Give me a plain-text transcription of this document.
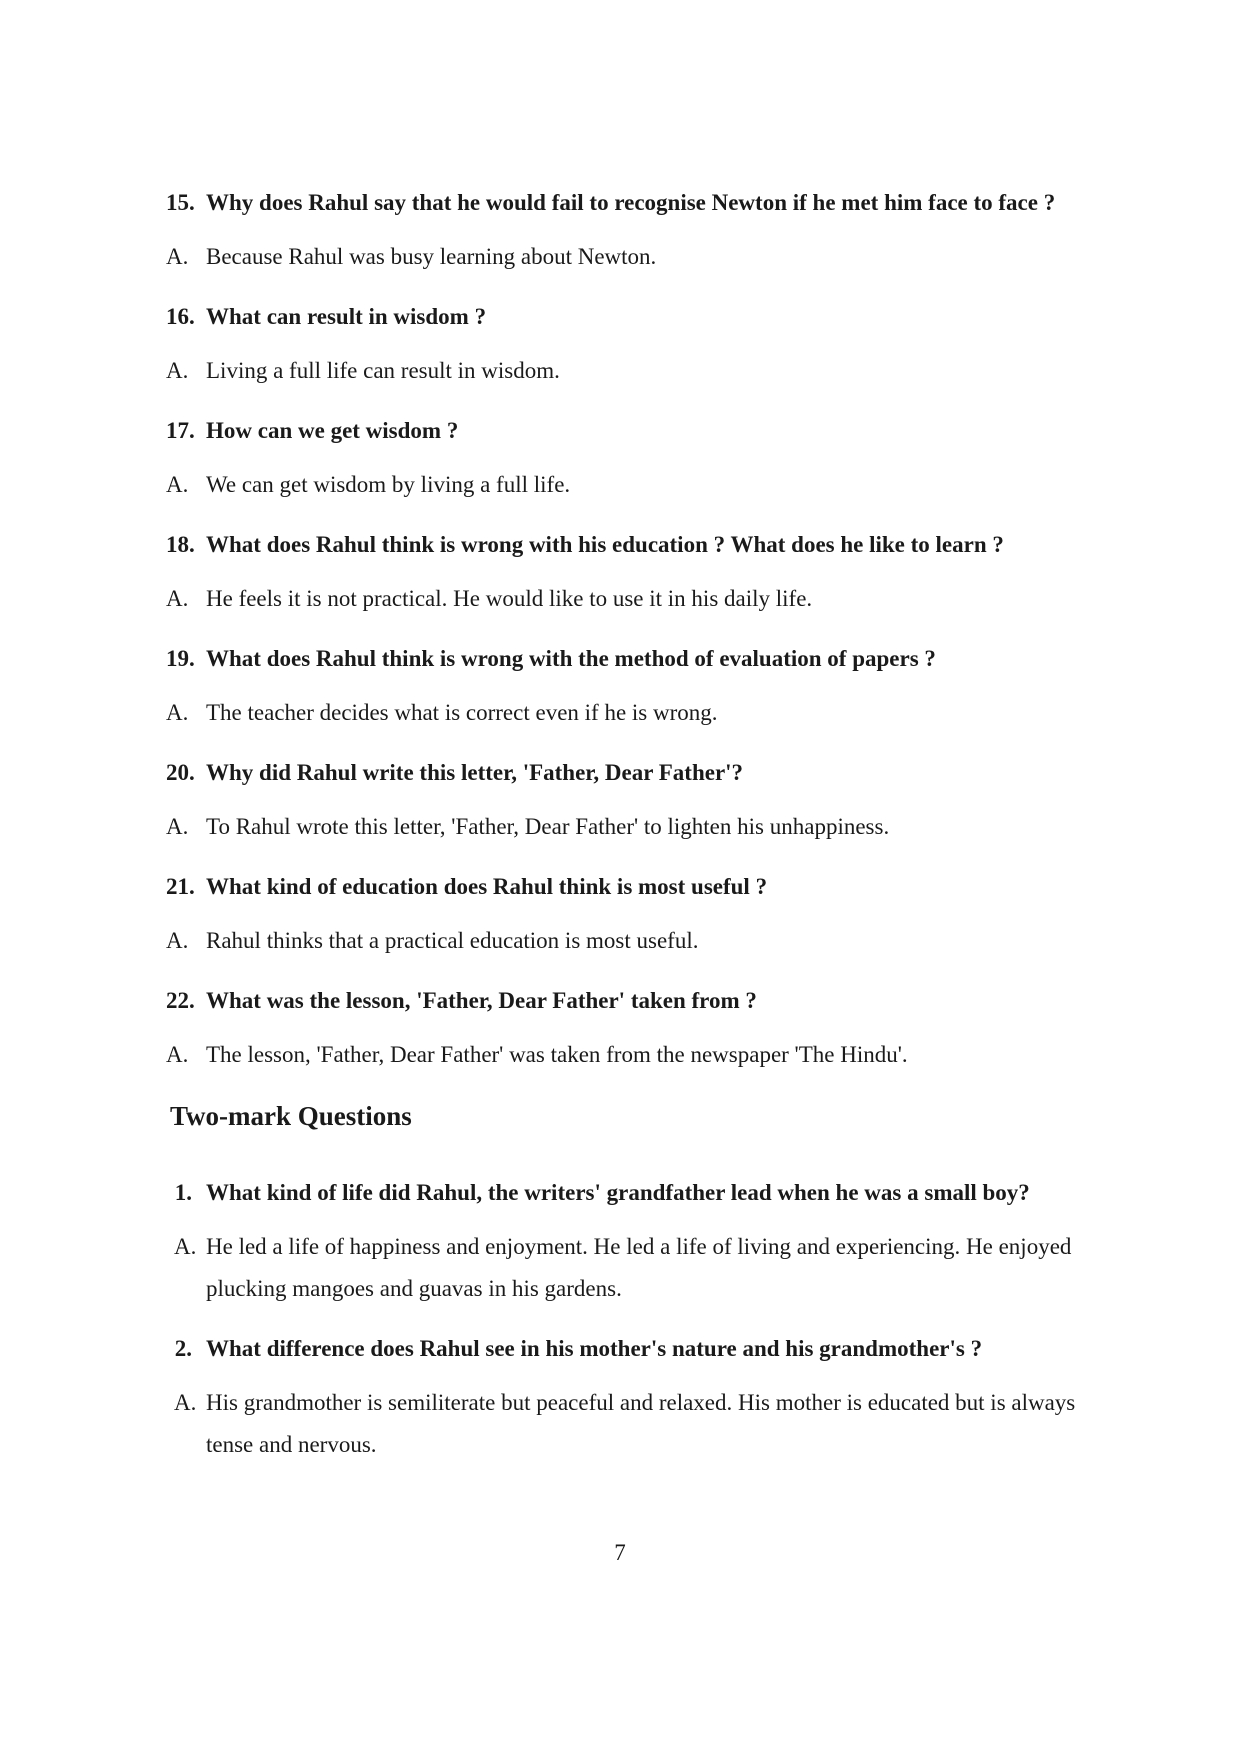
15. Why does Rahul say that he would fail to recognise Newton if he met him face to face ?
A. Because Rahul was busy learning about Newton.
16. What can result in wisdom ?
A. Living a full life can result in wisdom.
17. How can we get wisdom ?
A. We can get wisdom by living a full life.
18. What does Rahul think is wrong with his education ? What does he like to learn ?
A. He feels it is not practical. He would like to use it in his daily life.
19. What does Rahul think is wrong with the method of evaluation of papers ?
A. The teacher decides what is correct even if he is wrong.
20. Why did Rahul write this letter, 'Father, Dear Father'?
A. To Rahul wrote this letter, 'Father, Dear Father' to lighten his unhappiness.
21. What kind of education does Rahul think is most useful ?
A. Rahul thinks that a practical education is most useful.
22. What was the lesson, 'Father, Dear Father' taken from ?
A. The lesson, 'Father, Dear Father' was taken from the newspaper 'The Hindu'.
Two-mark Questions
1. What kind of life did Rahul, the writers' grandfather lead when he was a small boy?
A. He led a life of happiness and enjoyment. He led a life of living and experiencing. He enjoyed plucking mangoes and guavas in his gardens.
2. What difference does Rahul see in his mother's nature and his grandmother's ?
A. His grandmother is semiliterate but peaceful and relaxed. His mother is educated but is always tense and nervous.
7
